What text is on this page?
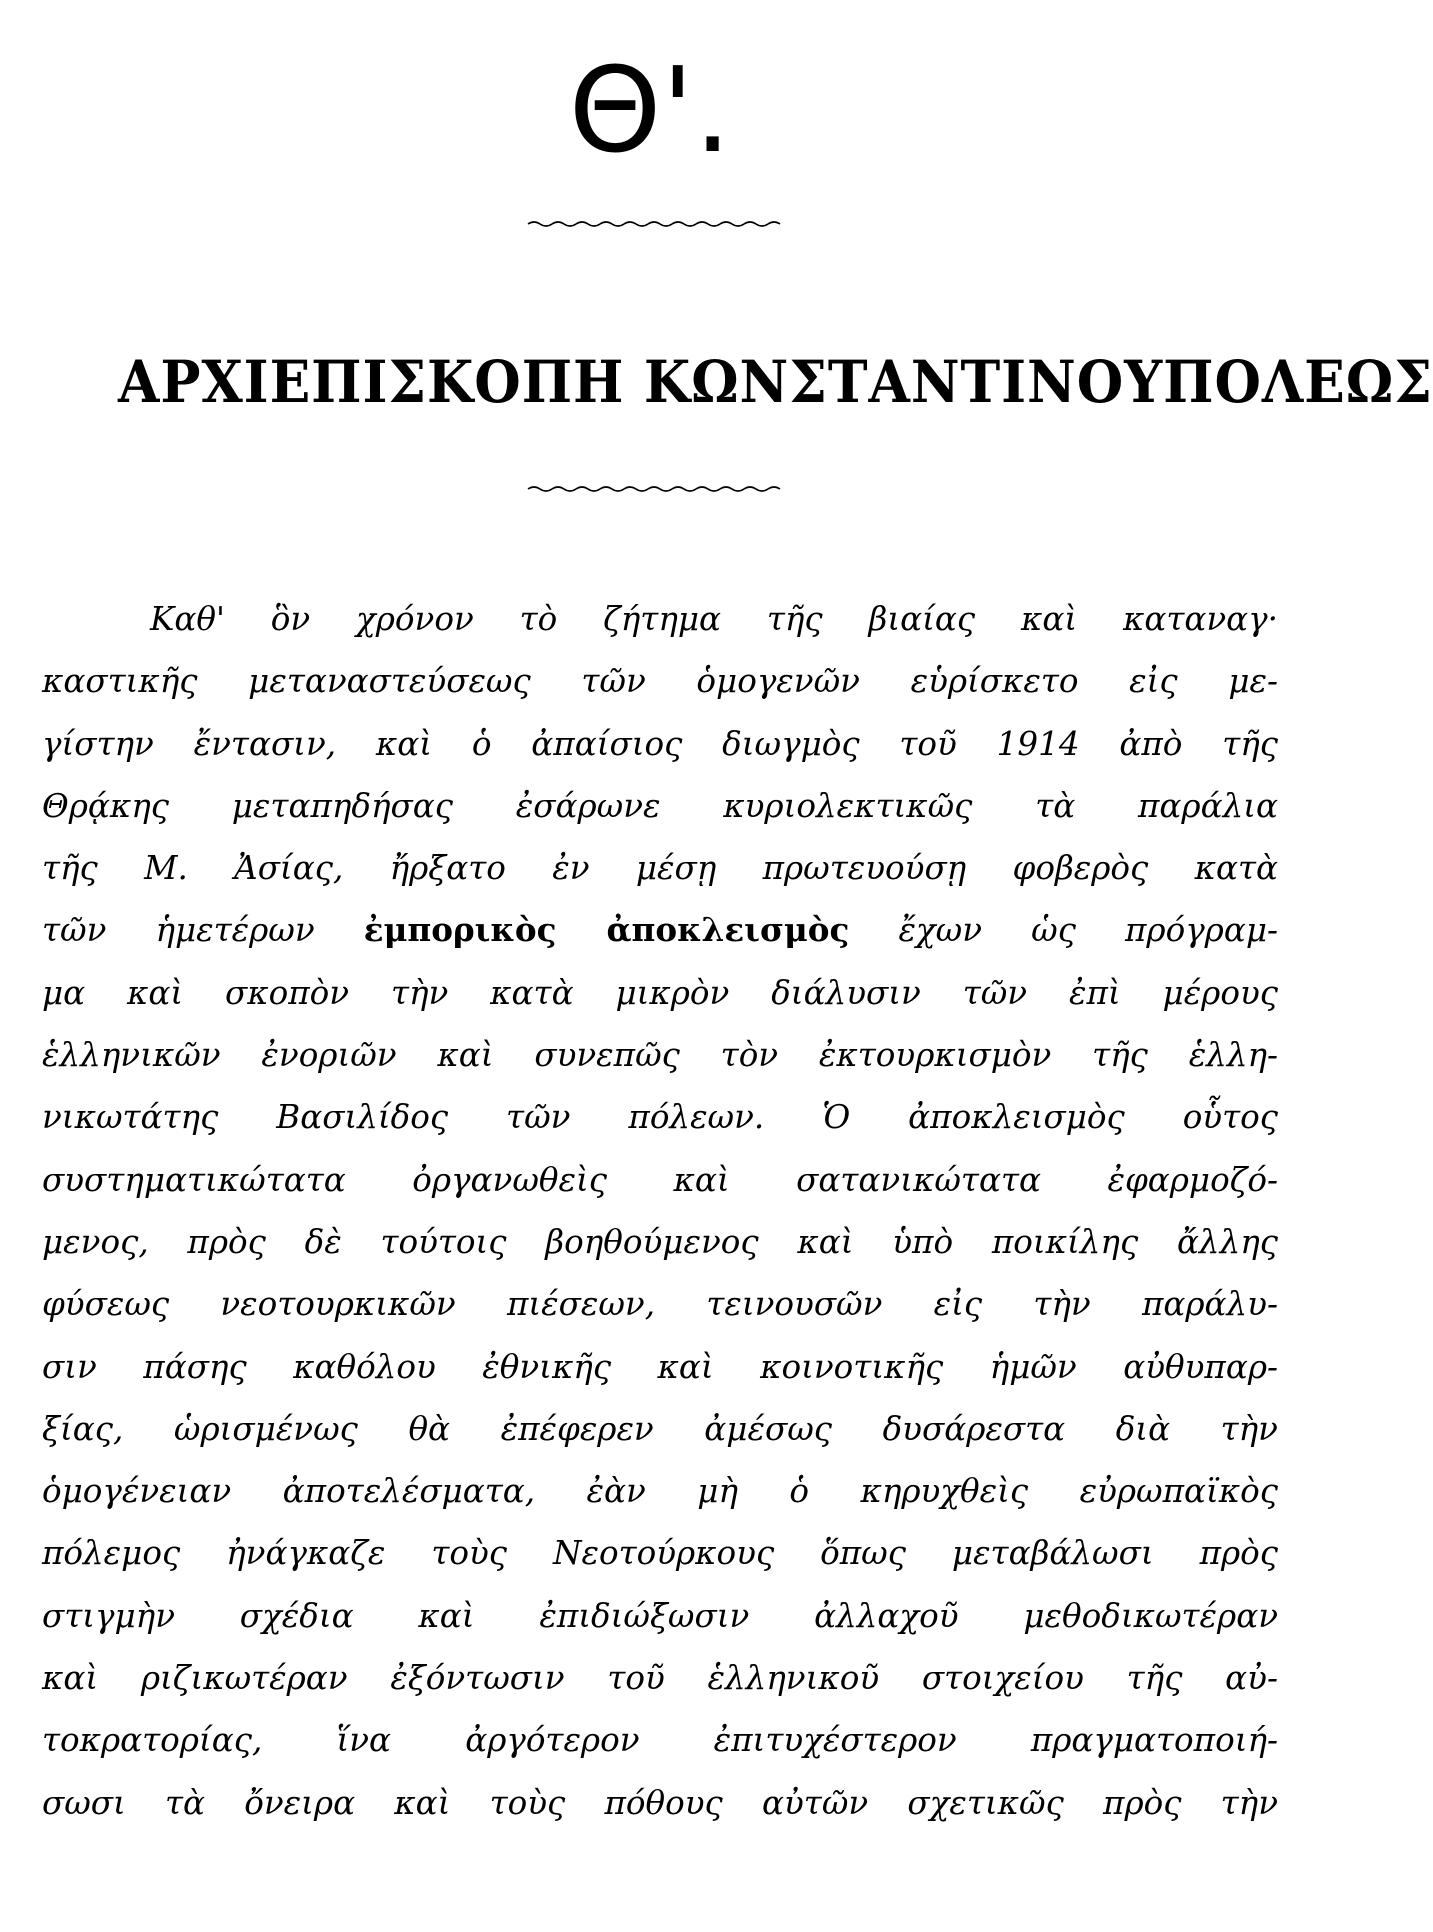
Θ'.
ΑΡΧΙΕΠΙΣΚΟΠΗ ΚΩΝΣΤΑΝΤΙΝΟΥΠΟΛΕΩΣ
Καθ' ὃν χρόνον τὸ ζήτημα τῆς βιαίας καὶ καταναγ·
καστικῆς μεταναστεύσεως τῶν ὁμογενῶν εὑρίσκετο εἰς με-
γίστην ἔντασιν, καὶ ὁ ἀπαίσιος διωγμὸς τοῦ 1914 ἀπὸ τῆς
Θρᾴκης μεταπηδήσας ἐσάρωνε κυριολεκτικῶς τὰ παράλια
τῆς Μ. Ἀσίας, ἤρξατο ἐν μέσῃ πρωτευούσῃ φοβερὸς κατὰ
τῶν ἡμετέρων ἐμπορικὸς ἀποκλεισμὸς ἔχων ὡς πρόγραμ-
μα καὶ σκοπὸν τὴν κατὰ μικρὸν διάλυσιν τῶν ἐπὶ μέρους
ἑλληνικῶν ἐνοριῶν καὶ συνεπῶς τὸν ἐκτουρκισμὸν τῆς ἑλλη-
νικωτάτης Βασιλίδος τῶν πόλεων. Ὁ ἀποκλεισμὸς οὗτος
συστηματικώτατα ὀργανωθεὶς καὶ σατανικώτατα ἐφαρμοζό-
μενος, πρὸς δὲ τούτοις βοηθούμενος καὶ ὑπὸ ποικίλης ἄλλης
φύσεως νεοτουρκικῶν πιέσεων, τεινουσῶν εἰς τὴν παράλυ-
σιν πάσης καθόλου ἐθνικῆς καὶ κοινοτικῆς ἡμῶν αὐθυπαρ-
ξίας, ὡρισμένως θὰ ἐπέφερεν ἀμέσως δυσάρεστα διὰ τὴν
ὁμογένειαν ἀποτελέσματα, ἐὰν μὴ ὁ κηρυχθεὶς εὐρωπαϊκὸς
πόλεμος ἠνάγκαζε τοὺς Νεοτούρκους ὅπως μεταβάλωσι πρὸς
στιγμὴν σχέδια καὶ ἐπιδιώξωσιν ἀλλαχοῦ μεθοδικωτέραν
καὶ ριζικωτέραν ἐξόντωσιν τοῦ ἑλληνικοῦ στοιχείου τῆς αὐ-
τοκρατορίας, ἵνα ἀργότερον ἐπιτυχέστερον πραγματοποιή-
σωσι τὰ ὄνειρα καὶ τοὺς πόθους αὐτῶν σχετικῶς πρὸς τὴν
